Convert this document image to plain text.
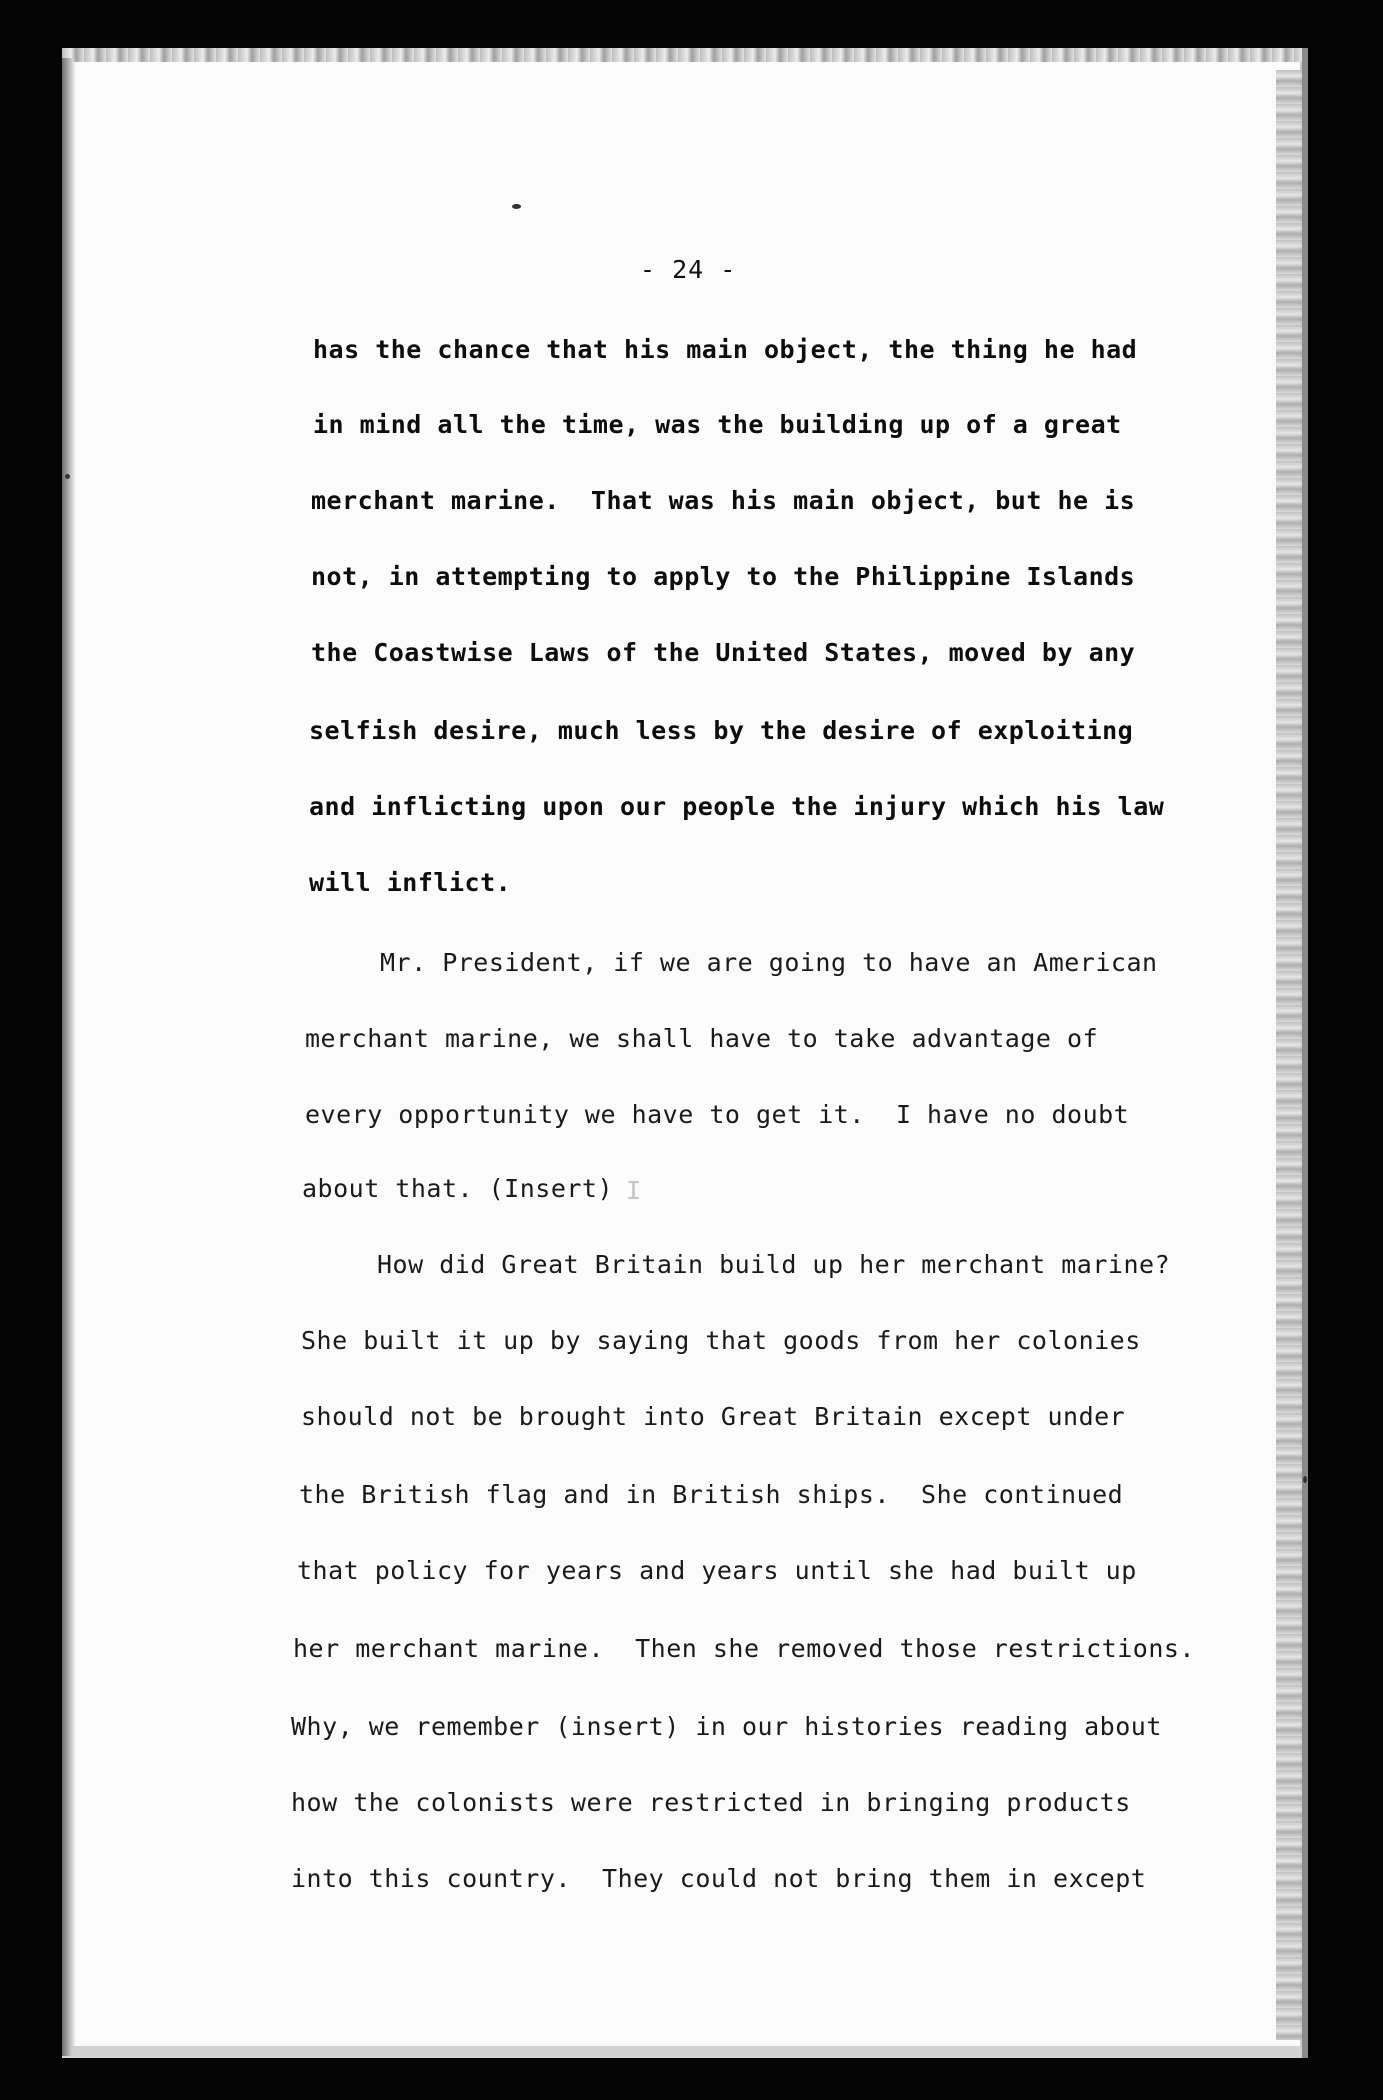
- 24 -
has the chance that his main object, the thing he had
in mind all the time, was the building up of a great
merchant marine.  That was his main object, but he is
not, in attempting to apply to the Philippine Islands
the Coastwise Laws of the United States, moved by any
selfish desire, much less by the desire of exploiting
and inflicting upon our people the injury which his law
will inflict.
Mr. President, if we are going to have an American
merchant marine, we shall have to take advantage of
every opportunity we have to get it.  I have no doubt
about that. (Insert) I
How did Great Britain build up her merchant marine?
She built it up by saying that goods from her colonies
should not be brought into Great Britain except under
the British flag and in British ships.  She continued
that policy for years and years until she had built up
her merchant marine.  Then she removed those restrictions.
Why, we remember (insert) in our histories reading about
how the colonists were restricted in bringing products
into this country.  They could not bring them in except
